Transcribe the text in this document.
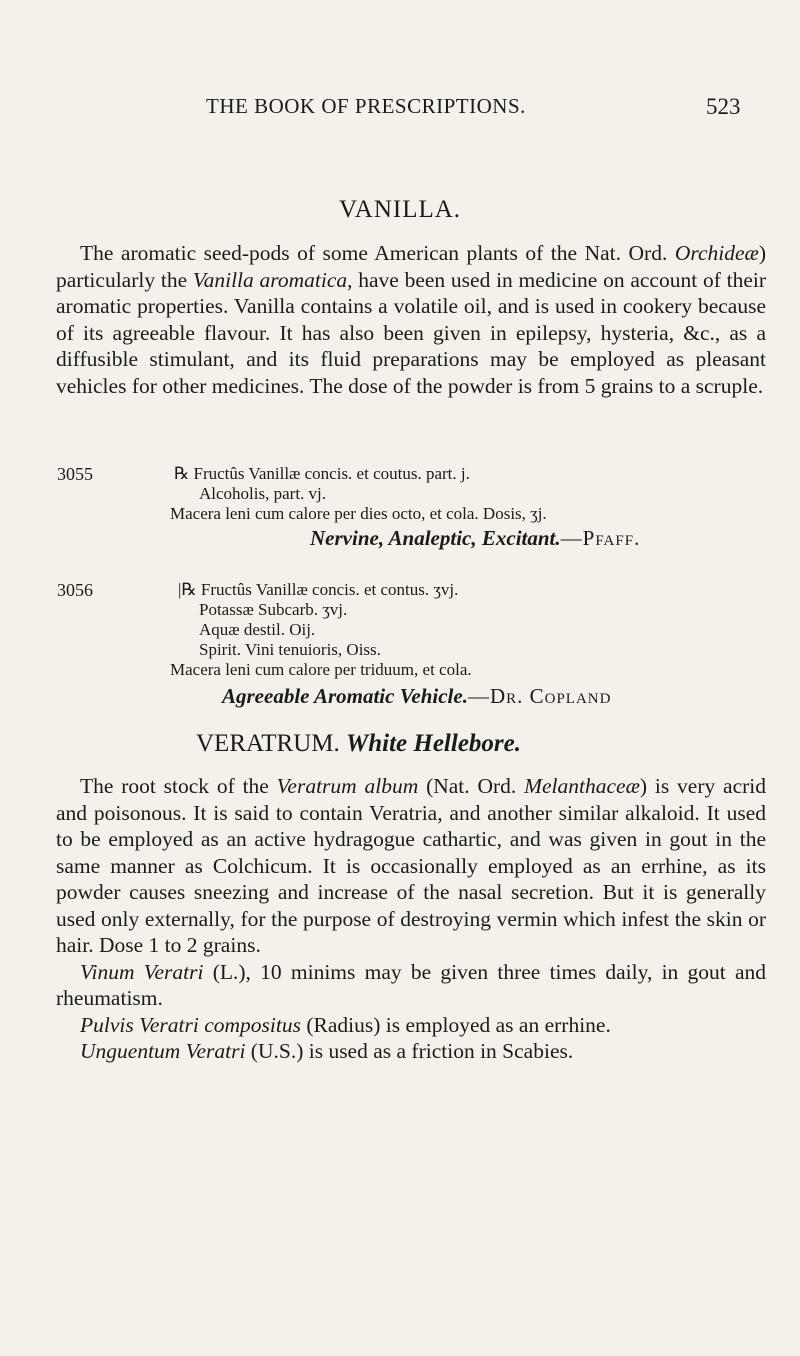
THE BOOK OF PRESCRIPTIONS.	523
VANILLA.

The aromatic seed-pods of some American plants of the Nat. Ord. Orchideæ) particularly the Vanilla aromatica, have been used in medicine on account of their aromatic properties. Vanilla contains a volatile oil, and is used in cookery because of its agreeable flavour. It has also been given in epilepsy, hysteria, &c., as a diffusible stimulant, and its fluid preparations may be employed as pleasant vehicles for other medicines. The dose of the powder is from 5 grains to a scruple.

3055	℞ Fructûs Vanillæ concis. et coutus. part. j.
Alcoholis, part. vj.
Macera leni cum calore per dies octo, et cola. Dosis, ʒj.
Nervine, Analeptic, Excitant.—Pfaff.
3056	|℞ Fructûs Vanillæ concis. et contus. ʒvj.
Potassæ Subcarb. ʒvj.
Aquæ destil. Oij.
Spirit. Vini tenuioris, Oiss.
Macera leni cum calore per triduum, et cola.
Agreeable Aromatic Vehicle.—Dr. Copland
VERATRUM. White Hellebore.

The root stock of the Veratrum album (Nat. Ord. Melanthaceæ) is very acrid and poisonous. It is said to contain Veratria, and another similar alkaloid. It used to be employed as an active hydragogue cathartic, and was given in gout in the same manner as Colchicum. It is occasionally employed as an errhine, as its powder causes sneezing and increase of the nasal secretion. But it is generally used only externally, for the purpose of destroying vermin which infest the skin or hair. Dose 1 to 2 grains.

Vinum Veratri (L.), 10 minims may be given three times daily, in gout and rheumatism.

Pulvis Veratri compositus (Radius) is employed as an errhine.

Unguentum Veratri (U.S.) is used as a friction in Scabies.
